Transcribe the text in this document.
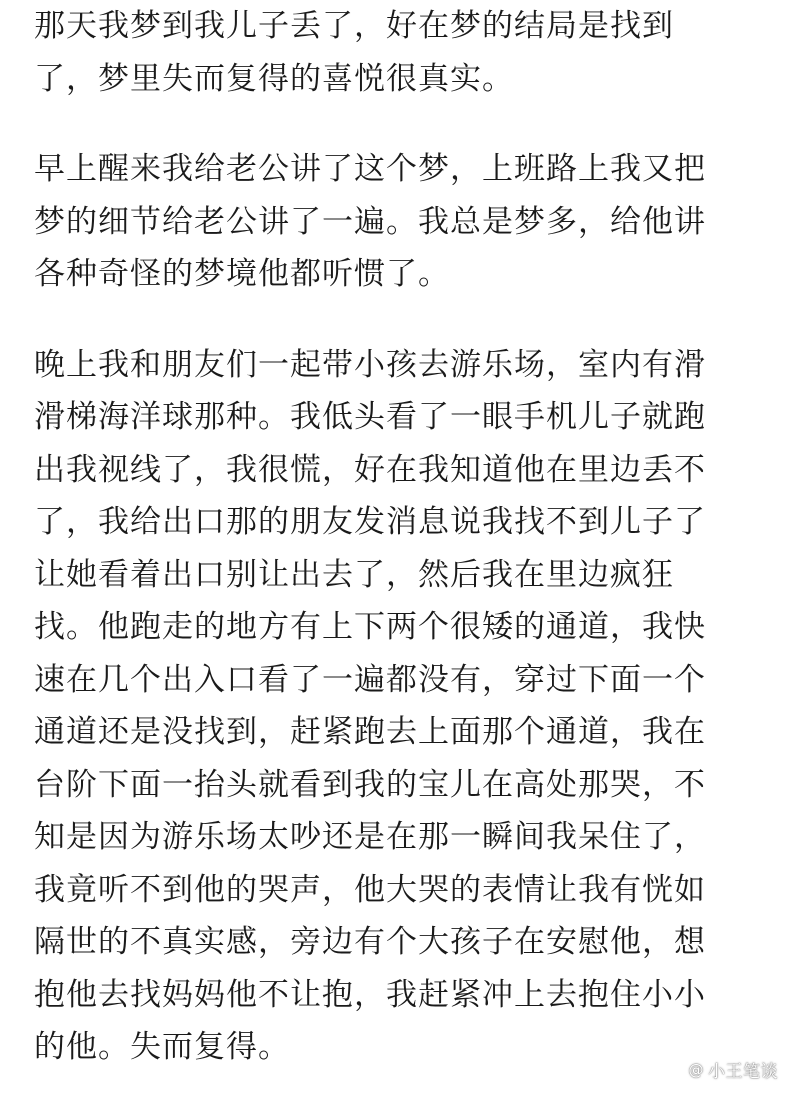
那天我梦到我儿子丢了，好在梦的结局是找到
了，梦里失而复得的喜悦很真实。
早上醒来我给老公讲了这个梦，上班路上我又把
梦的细节给老公讲了一遍。我总是梦多，给他讲
各种奇怪的梦境他都听惯了。
晚上我和朋友们一起带小孩去游乐场，室内有滑
滑梯海洋球那种。我低头看了一眼手机儿子就跑
出我视线了，我很慌，好在我知道他在里边丢不
了，我给出口那的朋友发消息说我找不到儿子了
让她看着出口别让出去了，然后我在里边疯狂
找。他跑走的地方有上下两个很矮的通道，我快
速在几个出入口看了一遍都没有，穿过下面一个
通道还是没找到，赶紧跑去上面那个通道，我在
台阶下面一抬头就看到我的宝儿在高处那哭，不
知是因为游乐场太吵还是在那一瞬间我呆住了，
我竟听不到他的哭声，他大哭的表情让我有恍如
隔世的不真实感，旁边有个大孩子在安慰他，想
抱他去找妈妈他不让抱，我赶紧冲上去抱住小小
的他。失而复得。
@ 小王笔谈
